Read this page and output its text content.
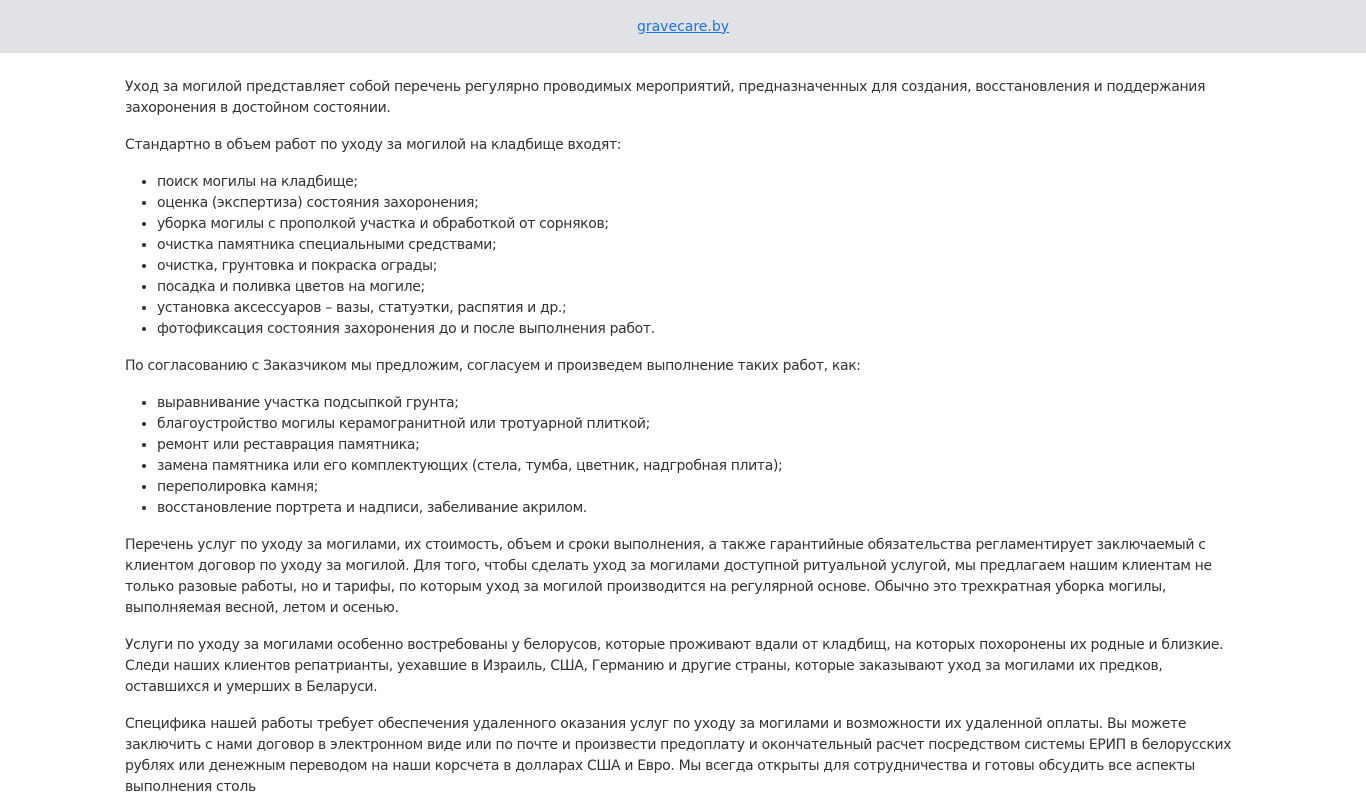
gravecare.by

Уход за могилой представляет собой перечень регулярно проводимых мероприятий, предназначенных для создания, восстановления и поддержания захоронения в достойном состоянии.

Стандартно в объем работ по уходу за могилой на кладбище входят:

• поиск могилы на кладбище;
• оценка (экспертиза) состояния захоронения;
• уборка могилы с прополкой участка и обработкой от сорняков;
• очистка памятника специальными средствами;
• очистка, грунтовка и покраска ограды;
• посадка и поливка цветов на могиле;
• установка аксессуаров – вазы, статуэтки, распятия и др.;
• фотофиксация состояния захоронения до и после выполнения работ.

По согласованию с Заказчиком мы предложим, согласуем и произведем выполнение таких работ, как:

• выравнивание участка подсыпкой грунта;
• благоустройство могилы керамогранитной или тротуарной плиткой;
• ремонт или реставрация памятника;
• замена памятника или его комплектующих (стела, тумба, цветник, надгробная плита);
• переполировка камня;
• восстановление портрета и надписи, забеливание акрилом.

Перечень услуг по уходу за могилами, их стоимость, объем и сроки выполнения, а также гарантийные обязательства регламентирует заключаемый с клиентом договор по уходу за могилой. Для того, чтобы сделать уход за могилами доступной ритуальной услугой, мы предлагаем нашим клиентам не только разовые работы, но и тарифы, по которым уход за могилой производится на регулярной основе. Обычно это трехкратная уборка могилы, выполняемая весной, летом и осенью.

Услуги по уходу за могилами особенно востребованы у белорусов, которые проживают вдали от кладбищ, на которых похоронены их родные и близкие. Следи наших клиентов репатрианты, уехавшие в Израиль, США, Германию и другие страны, которые заказывают уход за могилами их предков, оставшихся и умерших в Беларуси.

Специфика нашей работы требует обеспечения удаленного оказания услуг по уходу за могилами и возможности их удаленной оплаты. Вы можете заключить с нами договор в электронном виде или по почте и произвести предоплату и окончательный расчет посредством системы ЕРИП в белорусских рублях или денежным переводом на наши корсчета в долларах США и Евро. Мы всегда открыты для сотрудничества и готовы обсудить все аспекты выполнения столь
